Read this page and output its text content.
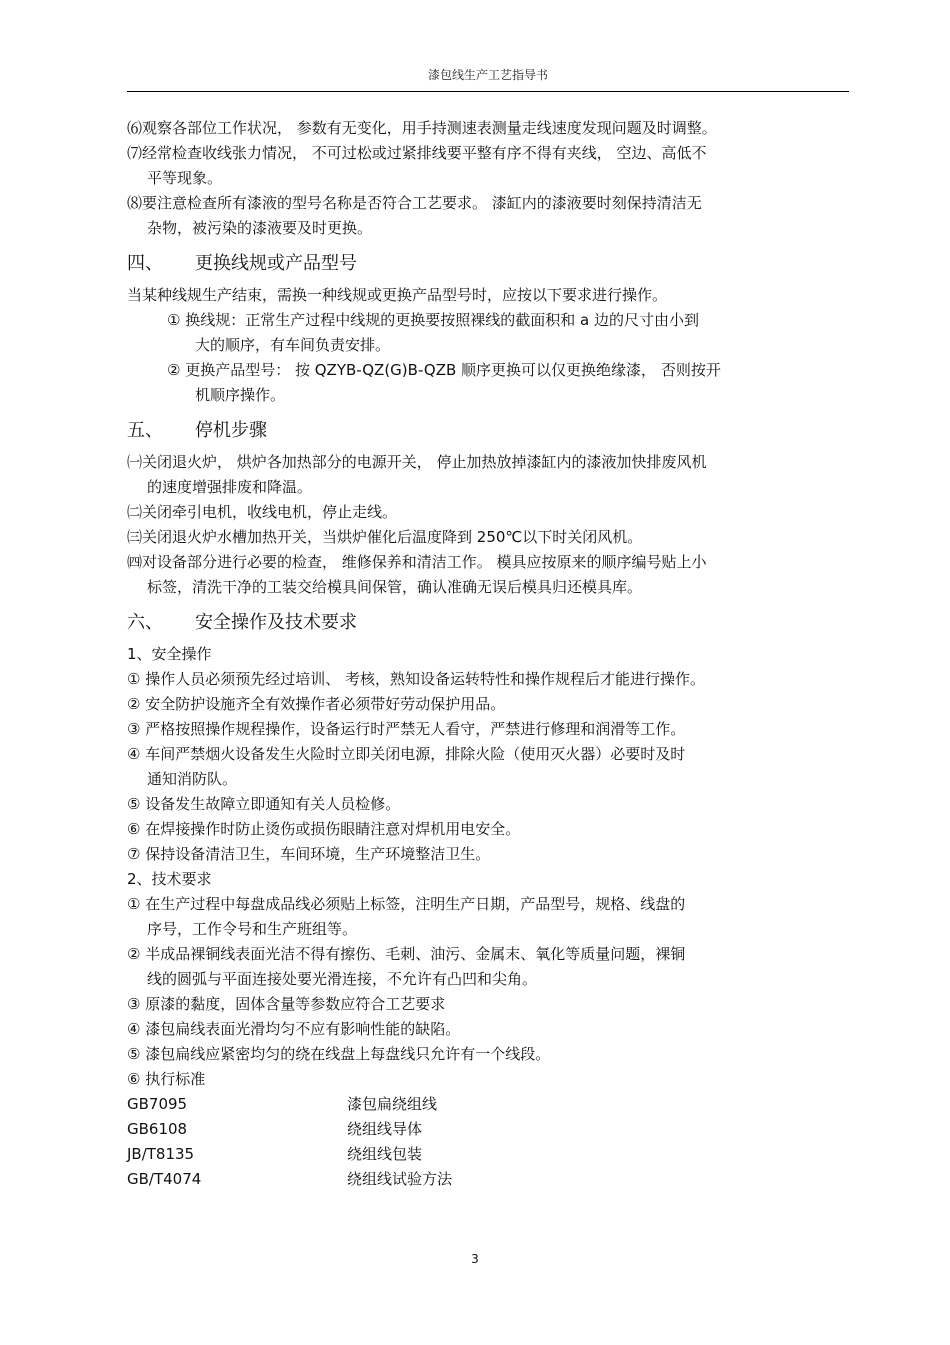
漆包线生产工艺指导书
⑹观察各部位工作状况， 参数有无变化，用手持测速表测量走线速度发现问题及时调整。
⑺经常检查收线张力情况， 不可过松或过紧排线要平整有序不得有夹线， 空边、高低不
平等现象。
⑻要注意检查所有漆液的型号名称是否符合工艺要求。 漆缸内的漆液要时刻保持清洁无
杂物，被污染的漆液要及时更换。
四、 更换线规或产品型号
当某种线规生产结束，需换一种线规或更换产品型号时，应按以下要求进行操作。
① 换线规：正常生产过程中线规的更换要按照裸线的截面积和 a 边的尺寸由小到
大的顺序，有车间负责安排。
② 更换产品型号： 按 QZYB-QZ(G)B-QZB 顺序更换可以仅更换绝缘漆， 否则按开
机顺序操作。
五、 停机步骤
㈠关闭退火炉， 烘炉各加热部分的电源开关， 停止加热放掉漆缸内的漆液加快排废风机
的速度增强排废和降温。
㈡关闭牵引电机，收线电机，停止走线。
㈢关闭退火炉水槽加热开关，当烘炉催化后温度降到 250℃以下时关闭风机。
㈣对设备部分进行必要的检查， 维修保养和清洁工作。 模具应按原来的顺序编号贴上小
标签，清洗干净的工装交给模具间保管，确认准确无误后模具归还模具库。
六、 安全操作及技术要求
1、安全操作
① 操作人员必须预先经过培训、 考核，熟知设备运转特性和操作规程后才能进行操作。
② 安全防护设施齐全有效操作者必须带好劳动保护用品。
③ 严格按照操作规程操作，设备运行时严禁无人看守，严禁进行修理和润滑等工作。
④ 车间严禁烟火设备发生火险时立即关闭电源，排除火险（使用灭火器）必要时及时
通知消防队。
⑤ 设备发生故障立即通知有关人员检修。
⑥ 在焊接操作时防止烫伤或损伤眼睛注意对焊机用电安全。
⑦ 保持设备清洁卫生，车间环境，生产环境整洁卫生。
2、技术要求
① 在生产过程中每盘成品线必须贴上标签，注明生产日期，产品型号，规格、线盘的
序号，工作令号和生产班组等。
② 半成品裸铜线表面光洁不得有擦伤、毛刺、油污、金属末、氧化等质量问题，裸铜
线的圆弧与平面连接处要光滑连接，不允许有凸凹和尖角。
③ 原漆的黏度，固体含量等参数应符合工艺要求
④ 漆包扁线表面光滑均匀不应有影响性能的缺陷。
⑤ 漆包扁线应紧密均匀的绕在线盘上每盘线只允许有一个线段。
⑥ 执行标准
GB7095	漆包扁绕组线
GB6108	绕组线导体
JB/T8135	绕组线包装
GB/T4074	绕组线试验方法
3
